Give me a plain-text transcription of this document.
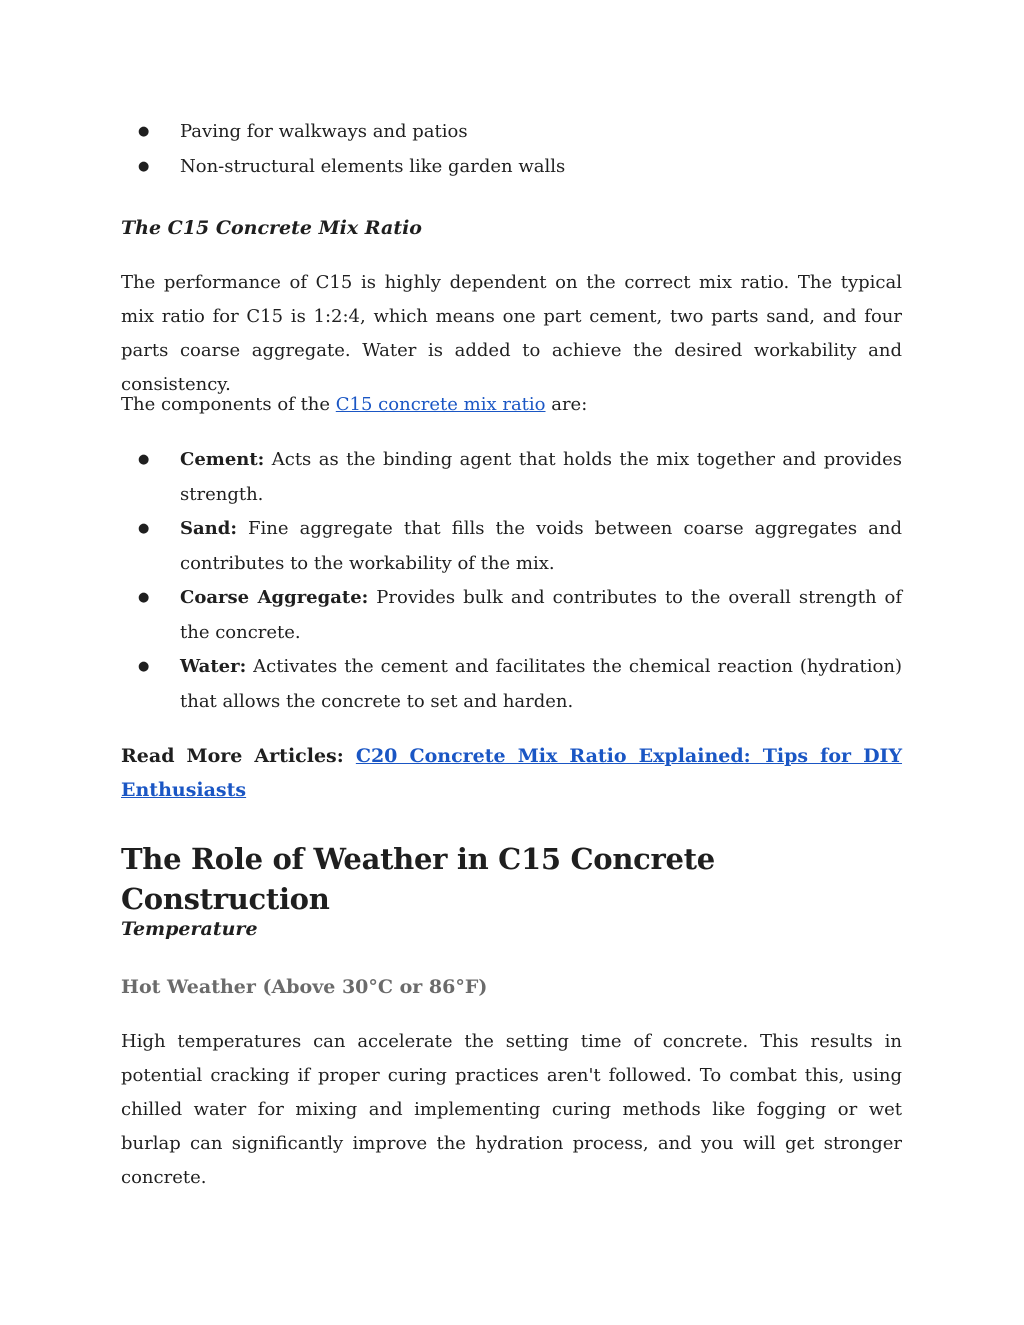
● Paving for walkways and patios
● Non-structural elements like garden walls

The C15 Concrete Mix Ratio

The performance of C15 is highly dependent on the correct mix ratio. The typical mix ratio for C15 is 1:2:4, which means one part cement, two parts sand, and four parts coarse aggregate. Water is added to achieve the desired workability and consistency.

The components of the C15 concrete mix ratio are:

● Cement: Acts as the binding agent that holds the mix together and provides strength.
● Sand: Fine aggregate that fills the voids between coarse aggregates and contributes to the workability of the mix.
● Coarse Aggregate: Provides bulk and contributes to the overall strength of the concrete.
● Water: Activates the cement and facilitates the chemical reaction (hydration) that allows the concrete to set and harden.

Read More Articles: C20 Concrete Mix Ratio Explained: Tips for DIY Enthusiasts

The Role of Weather in C15 Concrete Construction

Temperature

Hot Weather (Above 30°C or 86°F)

High temperatures can accelerate the setting time of concrete. This results in potential cracking if proper curing practices aren't followed. To combat this, using chilled water for mixing and implementing curing methods like fogging or wet burlap can significantly improve the hydration process, and you will get stronger concrete.
